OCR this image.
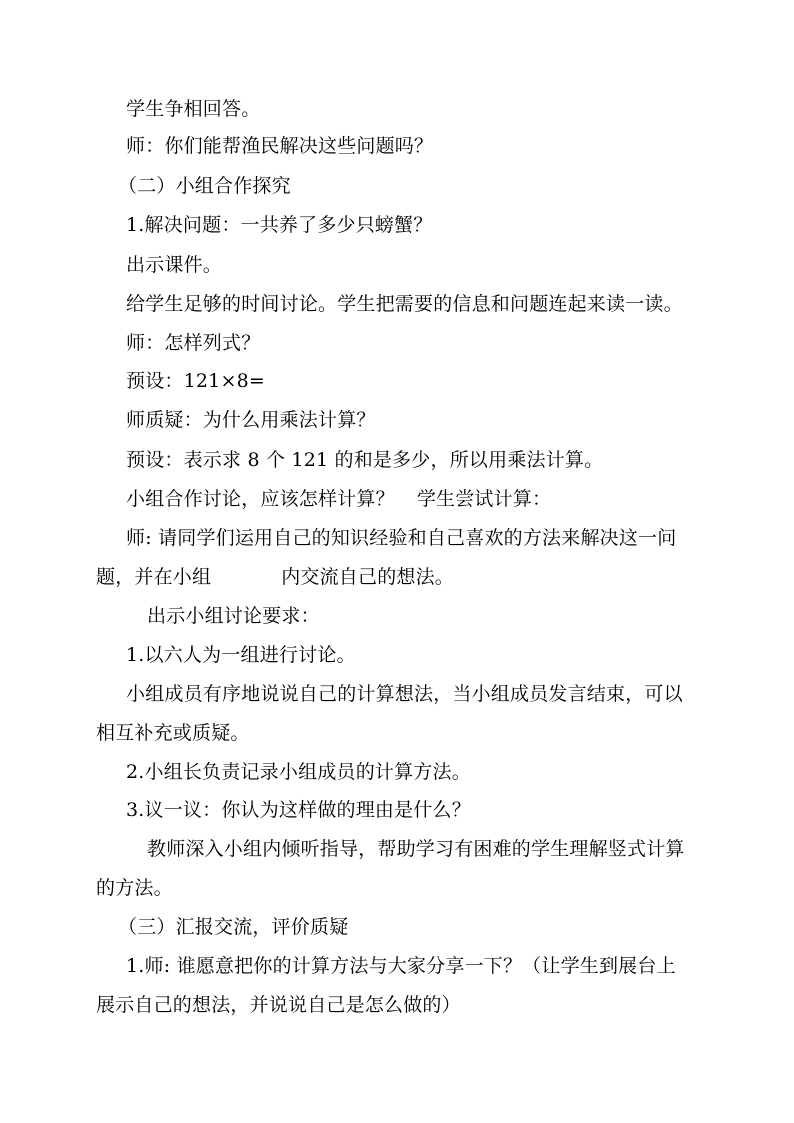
学生争相回答。
师：你们能帮渔民解决这些问题吗？
（二）小组合作探究
1.解决问题：一共养了多少只螃蟹？
出示课件。
给学生足够的时间讨论。学生把需要的信息和问题连起来读一读。
师：怎样列式？
预设：121×8=
师质疑：为什么用乘法计算？
预设：表示求 8 个 121 的和是多少，所以用乘法计算。
小组合作讨论，应该怎样计算？ 学生尝试计算：
师: 请同学们运用自己的知识经验和自己喜欢的方法来解决这一问
题，并在小组	内交流自己的想法。
出示小组讨论要求：
1.以六人为一组进行讨论。
小组成员有序地说说自己的计算想法，当小组成员发言结束，可以
相互补充或质疑。
2.小组长负责记录小组成员的计算方法。
3.议一议：你认为这样做的理由是什么？
教师深入小组内倾听指导，帮助学习有困难的学生理解竖式计算
的方法。
（三）汇报交流，评价质疑
1.师: 谁愿意把你的计算方法与大家分享一下？（让学生到展台上
展示自己的想法，并说说自己是怎么做的）
